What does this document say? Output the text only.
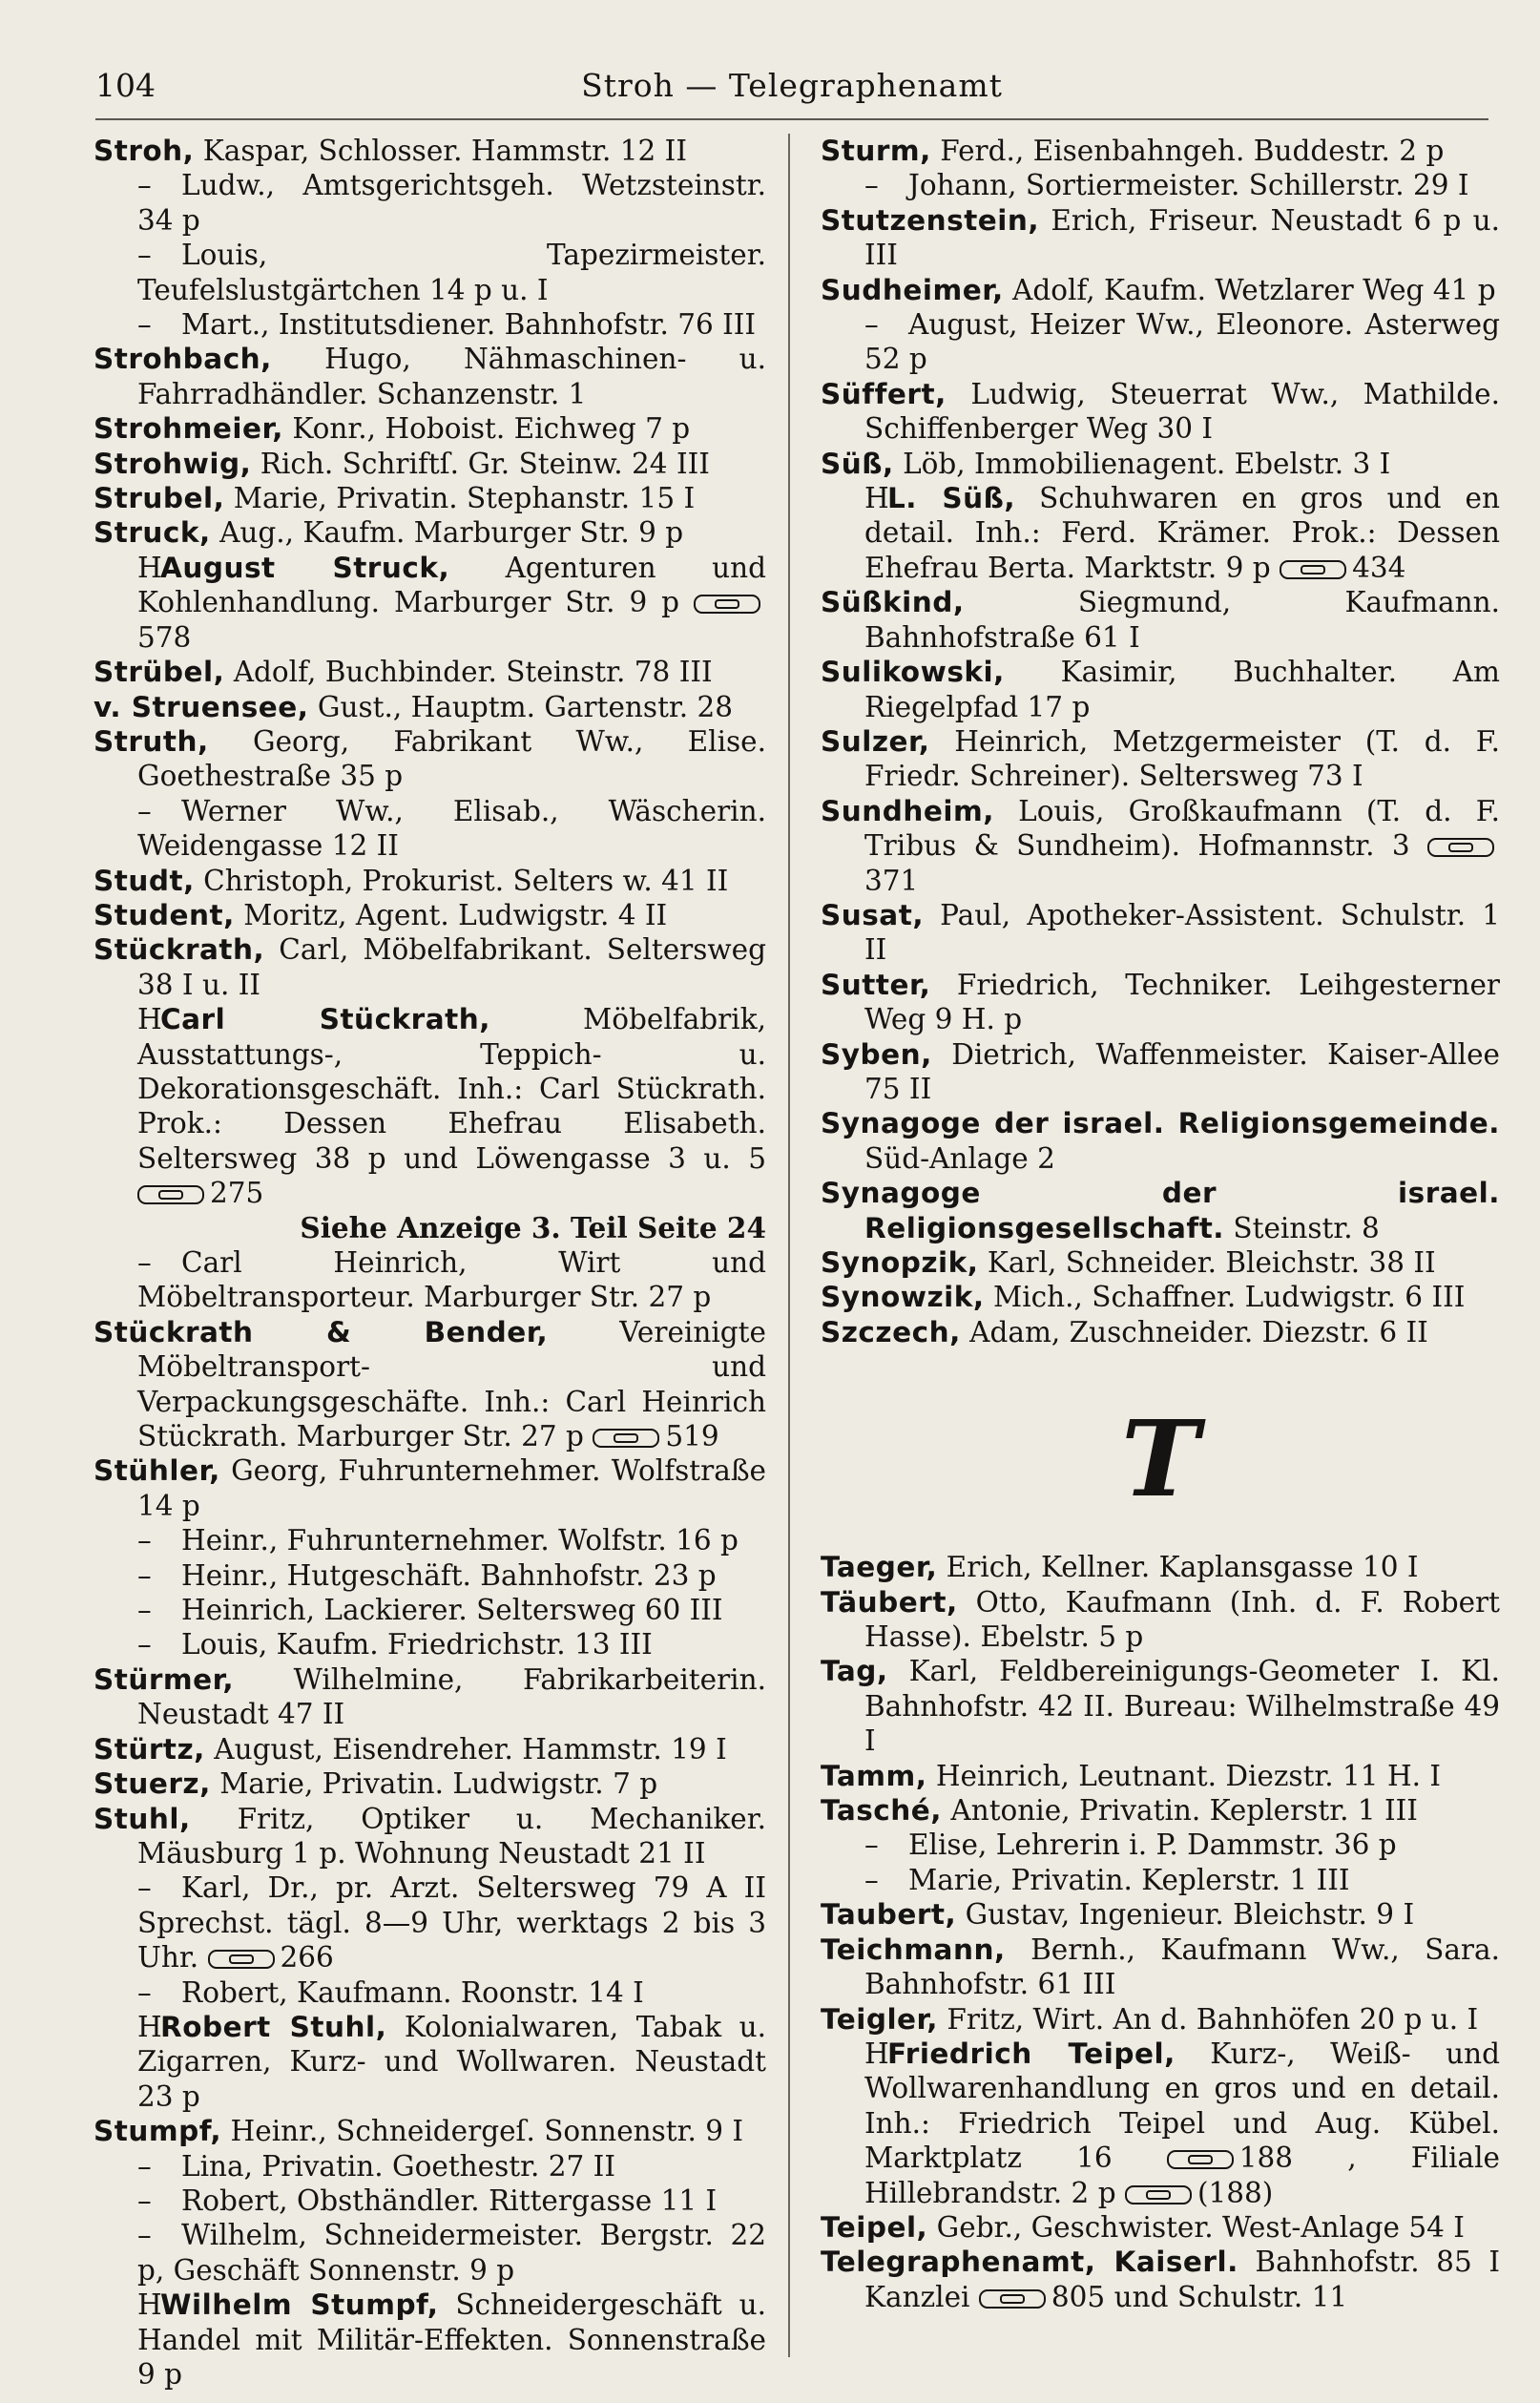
104	Stroh — Telegraphenamt
Stroh, Kaspar, Schlosser. Hammstr. 12 II
– Ludw., Amtsgerichtsgeh. Wetzsteinstr. 34 p
– Louis, Tapezirmeister. Teufelslustgärtchen 14 p u. I
– Mart., Institutsdiener. Bahnhofstr. 76 III
Strohbach, Hugo, Nähmaschinen- u. Fahrradhändler. Schanzenstr. 1
Strohmeier, Konr., Hoboist. Eichweg 7 p
Strohwig, Rich. Schriftſ. Gr. Steinw. 24 III
Strubel, Marie, Privatin. Stephanstr. 15 I
Struck, Aug., Kaufm. Marburger Str. 9 p
HAugust Struck, Agenturen und Kohlenhandlung. Marburger Str. 9 p 578
Strübel, Adolf, Buchbinder. Steinstr. 78 III
v. Struensee, Gust., Hauptm. Gartenstr. 28
Struth, Georg, Fabrikant Ww., Elise. Goethestraße 35 p
– Werner Ww., Elisab., Wäscherin. Weidengasse 12 II
Studt, Christoph, Prokurist. Selters w. 41 II
Student, Moritz, Agent. Ludwigstr. 4 II
Stückrath, Carl, Möbelfabrikant. Seltersweg 38 I u. II
HCarl Stückrath,	Möbelfabrik, Ausstattungs-, Teppich- u. Dekorationsgeschäft. Inh.: Carl Stückrath. Prok.: Dessen Ehefrau Elisabeth. Seltersweg 38 p und Löwengasse 3 u. 5 275
Siehe Anzeige 3. Teil Seite 24
– Carl Heinrich, Wirt und Möbeltransporteur. Marburger Str. 27 p
Stückrath & Bender,	Vereinigte Möbeltransport- und Verpackungsgeschäfte. Inh.: Carl Heinrich Stückrath. Marburger Str. 27 p	519
Stühler, Georg, Fuhrunternehmer. Wolfstraße 14 p
– Heinr., Fuhrunternehmer. Wolfstr. 16 p
– Heinr., Hutgeschäft. Bahnhofstr. 23 p
– Heinrich, Lackierer. Seltersweg 60 III
– Louis, Kaufm. Friedrichstr. 13 III
Stürmer, Wilhelmine, Fabrikarbeiterin. Neustadt 47 II
Stürtz, August, Eisendreher. Hammstr. 19 I
Stuerz, Marie, Privatin. Ludwigstr. 7 p
Stuhl, Fritz, Optiker u. Mechaniker. Mäusburg 1 p. Wohnung Neustadt 21 II
– Karl, Dr., pr. Arzt. Seltersweg 79 A II Sprechst. tägl. 8—9 Uhr, werktags 2 bis 3 Uhr.	266
– Robert, Kaufmann. Roonstr. 14 I
HRobert Stuhl, Kolonialwaren, Tabak u. Zigarren, Kurz- und Wollwaren. Neustadt 23 p
Stumpf, Heinr., Schneidergeſ. Sonnenstr. 9 I
– Lina, Privatin. Goethestr. 27 II
– Robert, Obsthändler. Rittergasse 11 I
– Wilhelm, Schneidermeister. Bergstr. 22 p, Geschäft Sonnenstr. 9 p
HWilhelm Stumpf, Schneidergeschäft u. Handel mit Militär-Effekten. Sonnenstraße 9 p
Sturm, Ferd., Eisenbahngeh. Buddestr. 2 p
– Johann, Sortiermeister. Schillerstr. 29 I
Stutzenstein, Erich, Friseur. Neustadt 6 p u. III
Sudheimer, Adolf, Kaufm. Wetzlarer Weg 41 p
– August, Heizer Ww., Eleonore. Asterweg 52 p
Süffert, Ludwig, Steuerrat Ww., Mathilde. Schiffenberger Weg 30 I
Süß, Löb, Immobilienagent. Ebelstr. 3 I
HL. Süß, Schuhwaren en gros und en detail. Inh.: Ferd. Krämer. Prok.: Dessen Ehefrau Berta. Marktstr. 9 p	434
Süßkind,	Siegmund, Kaufmann. Bahnhofstraße 61 I
Sulikowski, Kasimir, Buchhalter. Am Riegelpfad 17 p
Sulzer, Heinrich, Metzgermeister (T. d. F. Friedr. Schreiner). Seltersweg 73 I
Sundheim, Louis, Großkaufmann (T. d. F. Tribus & Sundheim). Hofmannstr. 3 371
Susat, Paul, Apotheker-Assistent. Schulstr. 1 II
Sutter, Friedrich, Techniker. Leihgesterner Weg 9 H. p
Syben, Dietrich, Waffenmeister. Kaiser-Allee 75 II
Synagoge der israel. Religionsgemeinde. Süd-Anlage 2
Synagoge der israel. Religionsgesellschaft. Steinstr. 8
Synopzik, Karl, Schneider. Bleichstr. 38 II
Synowzik, Mich., Schaffner. Ludwigstr. 6 III
Szczech, Adam, Zuschneider. Diezstr. 6 II
T
Taeger, Erich, Kellner. Kaplansgasse 10 I
Täubert, Otto, Kaufmann (Inh. d. F. Robert Hasse). Ebelstr. 5 p
Tag, Karl, Feldbereinigungs-Geometer I. Kl. Bahnhofstr. 42 II. Bureau: Wilhelmstraße 49 I
Tamm, Heinrich, Leutnant. Diezstr. 11 H. I
Tasché, Antonie, Privatin. Keplerstr. 1 III
– Elise, Lehrerin i. P. Dammstr. 36 p
– Marie, Privatin. Keplerstr. 1 III
Taubert, Gustav, Ingenieur. Bleichstr. 9 I
Teichmann, Bernh., Kaufmann Ww., Sara. Bahnhofstr. 61 III
Teigler, Fritz, Wirt. An d. Bahnhöfen 20 p u. I
HFriedrich Teipel, Kurz-, Weiß- und Wollwarenhandlung en gros und en detail. Inh.: Friedrich Teipel und Aug. Kübel. Marktplatz 16	188 , Filiale Hillebrandstr. 2 p	(188)
Teipel, Gebr., Geschwister. West-Anlage 54 I
Telegraphenamt, Kaiserl. Bahnhofstr. 85 I Kanzlei	805 und Schulstr. 11
